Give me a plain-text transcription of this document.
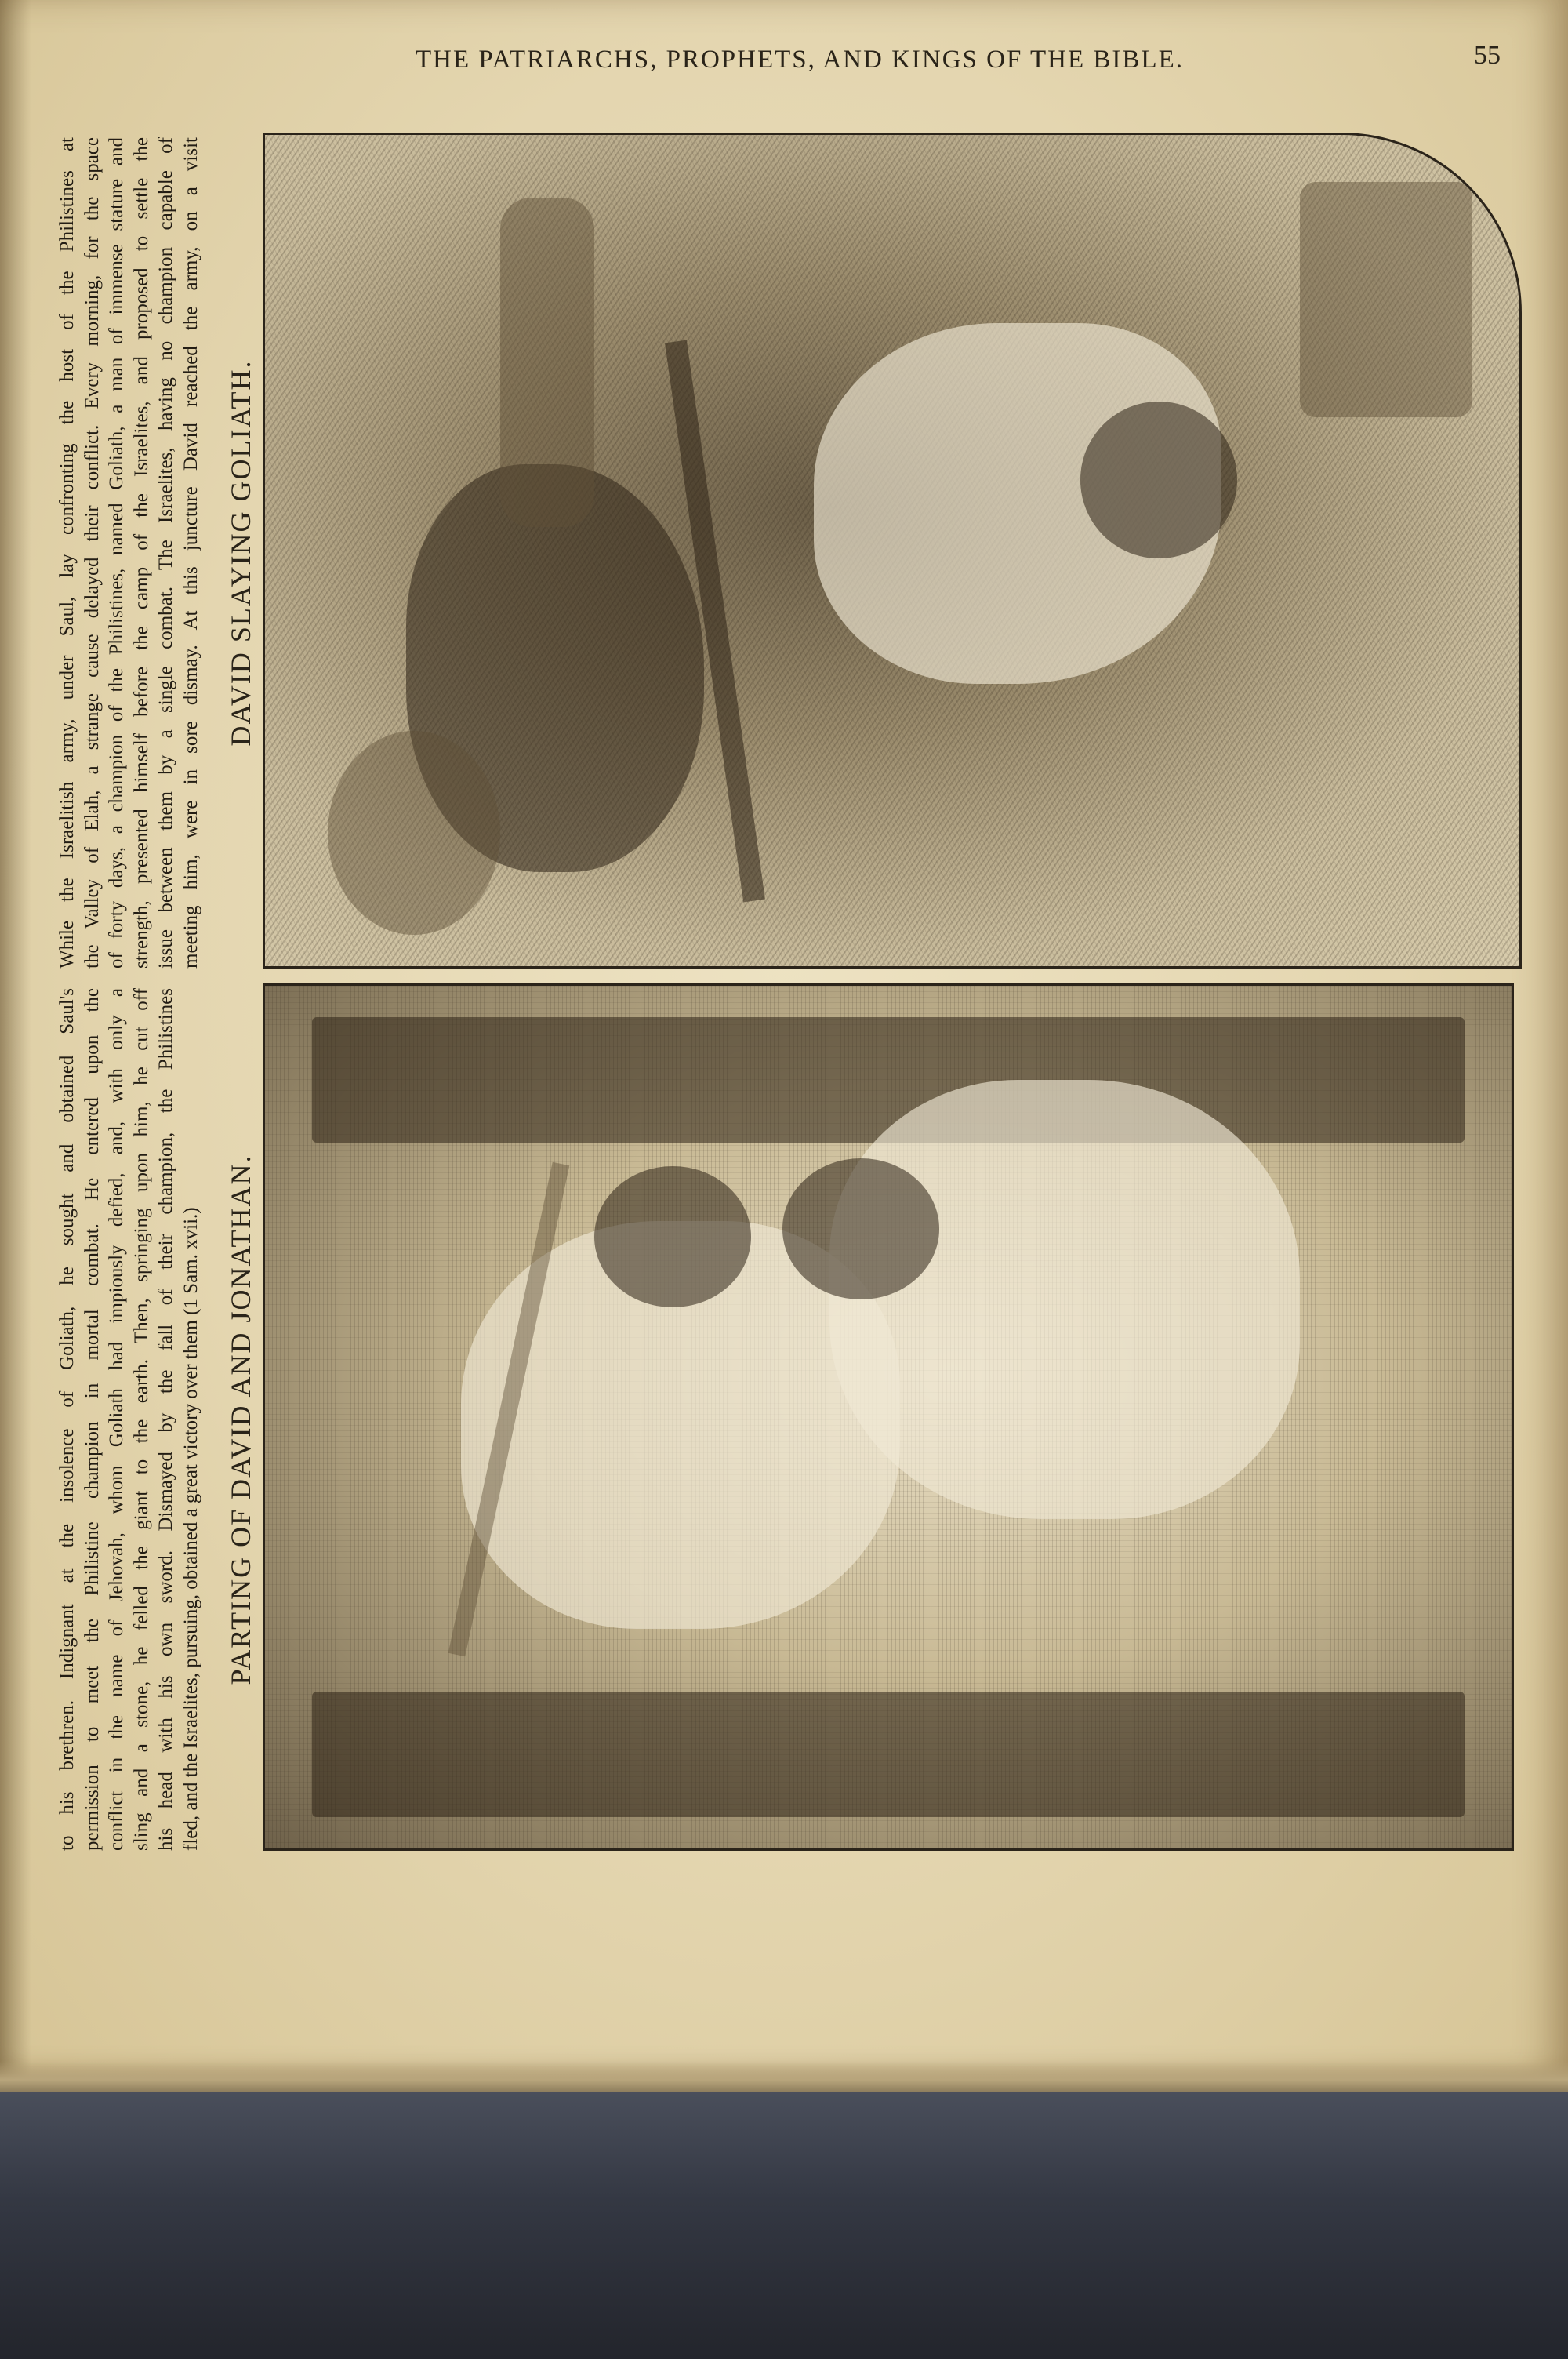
THE PATRIARCHS, PROPHETS, AND KINGS OF THE BIBLE.	55
While the Israelitish army, under Saul, lay confronting the host of the Philistines at the Valley of Elah, a strange cause delayed their conflict. Every morning, for the space of forty days, a champion of the Philistines, named Goliath, a man of immense stature and strength, presented himself before the camp of the Israelites, and proposed to settle the issue between them by a single combat. The Israelites, having no champion capable of meeting him, were in sore dismay. At this juncture David reached the army, on a visit DAVID SLAYING GOLIATH.
to his brethren. Indignant at the insolence of Goliath, he sought and obtained Saul's permission to meet the Philistine champion in mortal combat. He entered upon the conflict in the name of Jehovah, whom Goliath had impiously defied, and, with only a sling and a stone, he felled the giant to the earth. Then, springing upon him, he cut off his head with his own sword. Dismayed by the fall of their champion, the Philistines fled, and the Israelites, pursuing, obtained a great victory over them (1 Sam. xvii.) PARTING OF DAVID AND JONATHAN.
